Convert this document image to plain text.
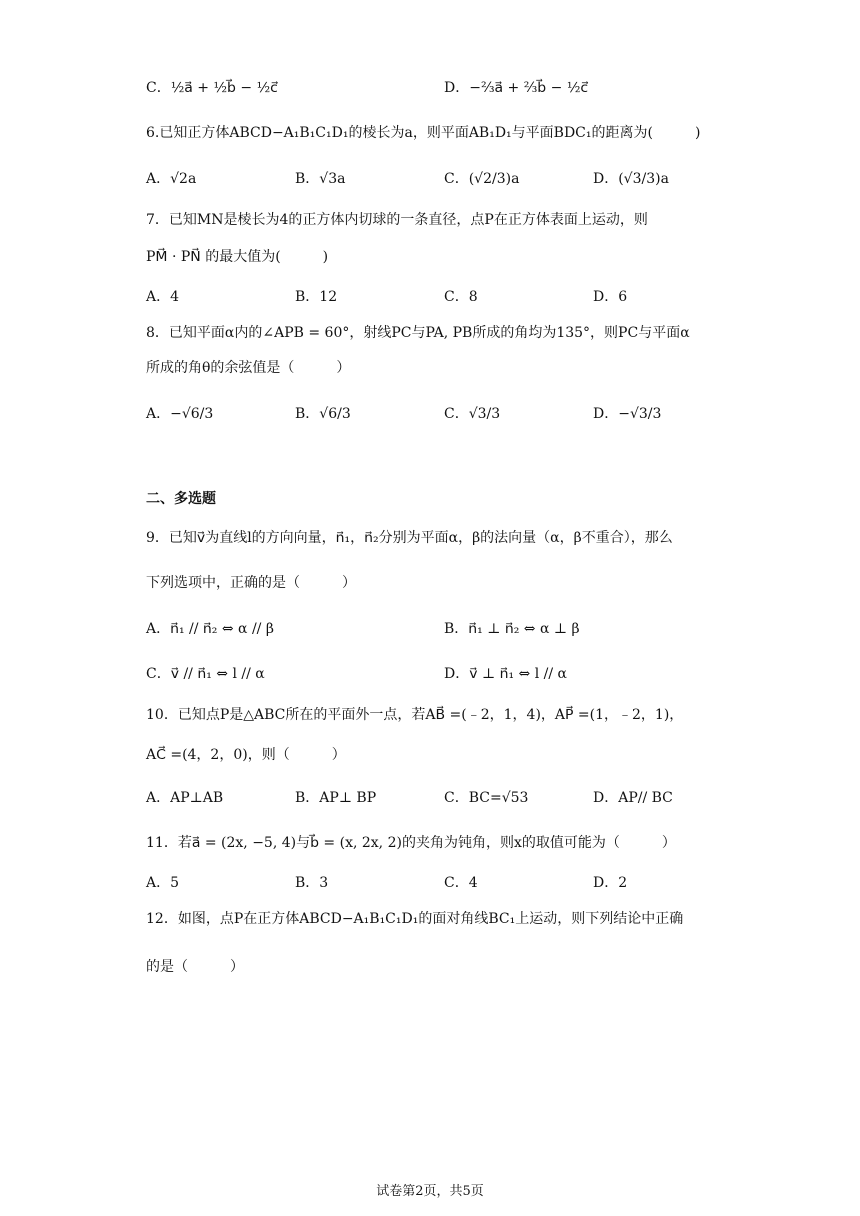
C．½a⃗ + ½b⃗ − ½c⃗	D．−⅔a⃗ + ⅔b⃗ − ½c⃗
6.已知正方体ABCD−A₁B₁C₁D₁的棱长为a，则平面AB₁D₁与平面BDC₁的距离为(　　　)
A．√2a	B．√3a	C．(√2/3)a	D．(√3/3)a
7．已知MN是棱长为4的正方体内切球的一条直径，点P在正方体表面上运动，则
PM⃗ · PN⃗ 的最大值为(　　　)
A．4	B．12	C．8	D．6
8．已知平面α内的∠APB = 60°，射线PC与PA, PB所成的角均为135°，则PC与平面α
所成的角θ的余弦值是（　　　）
A．−√6/3	B．√6/3	C．√3/3	D．−√3/3
二、多选题
9．已知v⃗为直线l的方向向量，n⃗₁，n⃗₂分别为平面α，β的法向量（α，β不重合），那么
下列选项中，正确的是（　　　）
A．n⃗₁ // n⃗₂ ⇔ α // β	B．n⃗₁ ⊥ n⃗₂ ⇔ α ⊥ β
C．v⃗ // n⃗₁ ⇔ l // α	D．v⃗ ⊥ n⃗₁ ⇔ l // α
10．已知点P是△ABC所在的平面外一点，若AB⃗ =(﹣2，1，4)，AP⃗ =(1，﹣2，1)，
AC⃗ =(4，2，0)，则（　　　）
A．AP⊥AB	B．AP⊥ BP	C．BC=√53	D．AP// BC
11．若a⃗ = (2x, −5, 4)与b⃗ = (x, 2x, 2)的夹角为钝角，则x的取值可能为（　　　）
A．5	B．3	C．4	D．2
12．如图，点P在正方体ABCD−A₁B₁C₁D₁的面对角线BC₁上运动，则下列结论中正确
的是（　　　）
试卷第2页，共5页
